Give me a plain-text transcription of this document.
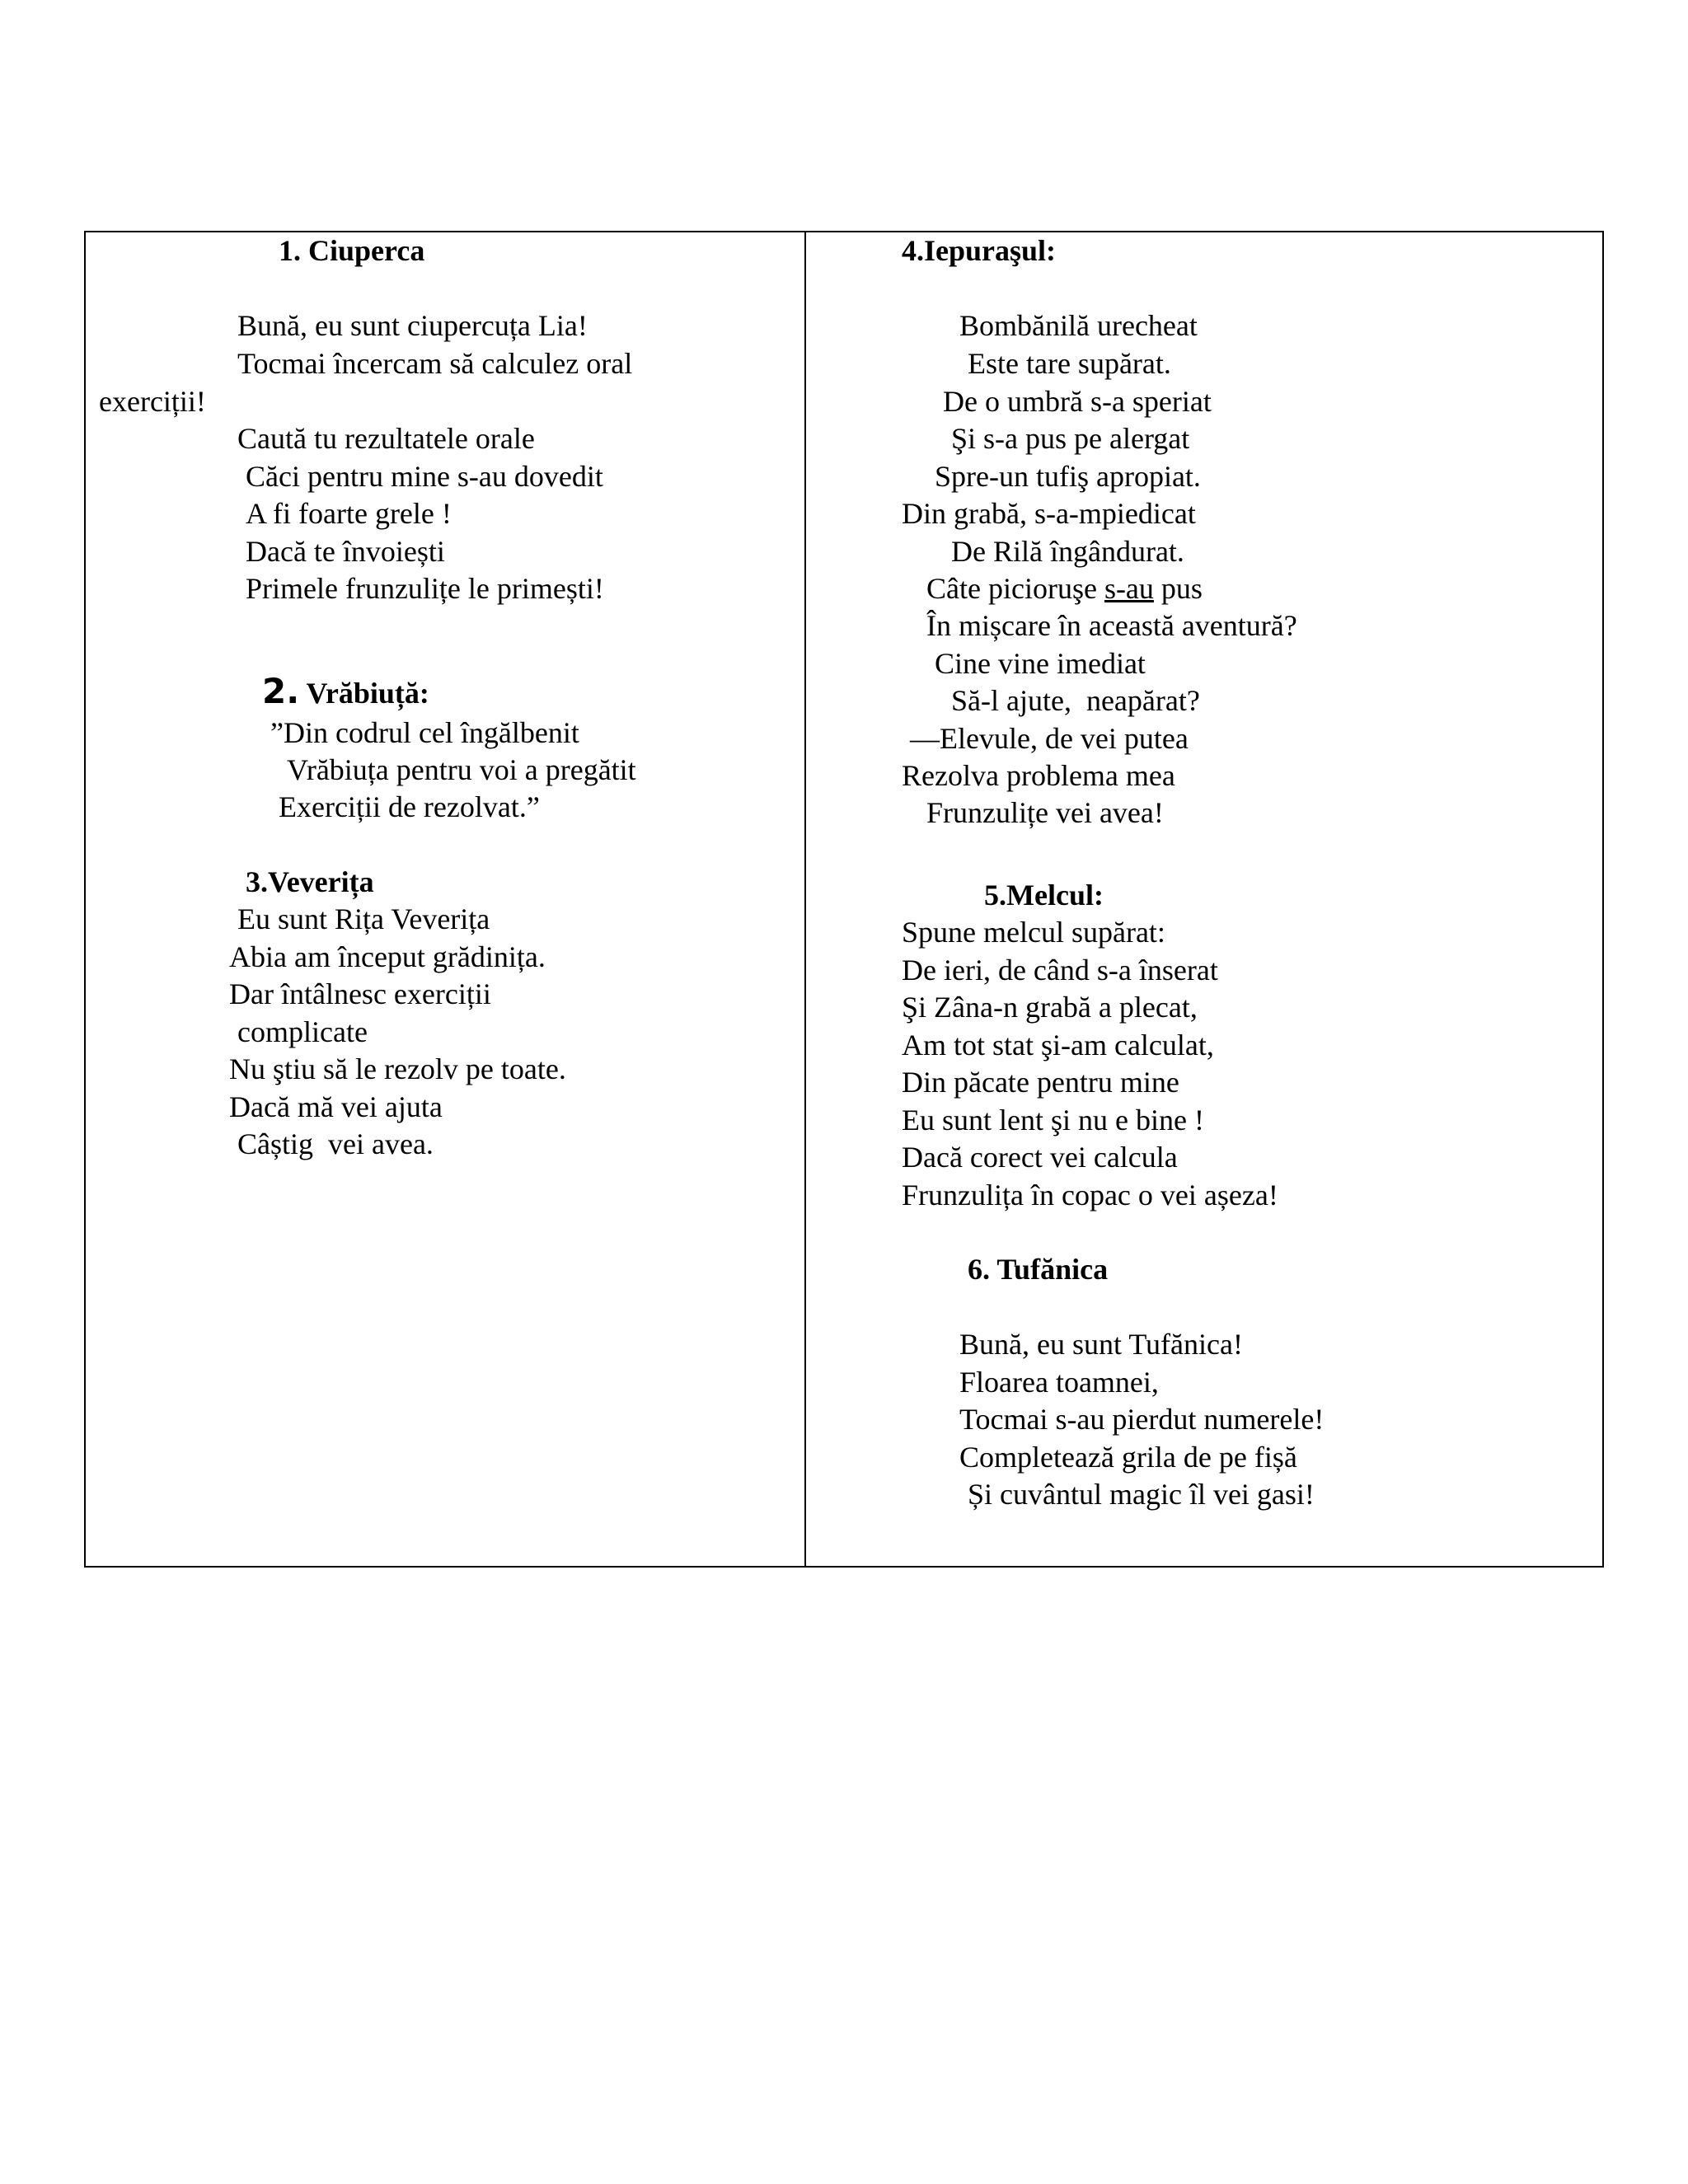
1. Ciuperca
Bună, eu sunt ciupercuța Lia!
Tocmai încercam să calculez oral
exerciții!
Caută tu rezultatele orale
Căci pentru mine s-au dovedit
A fi foarte grele !
Dacă te învoiești
Primele frunzulițe le primești!
2. Vrăbiuță:
”Din codrul cel îngălbenit
Vrăbiuța pentru voi a pregătit
Exerciții de rezolvat.”
3.Veverița
Eu sunt Rița Veverița
Abia am început grădinița.
Dar întâlnesc exerciții
complicate
Nu ştiu să le rezolv pe toate.
Dacă mă vei ajuta
Câștig  vei avea.
4.Iepuraşul:
Bombănilă urecheat
Este tare supărat.
De o umbră s-a speriat
Şi s-a pus pe alergat
Spre-un tufiş apropiat.
Din grabă, s-a-mpiedicat
De Rilă îngândurat.
Câte picioruşe s-au pus
În mișcare în această aventură?
Cine vine imediat
Să-l ajute,  neapărat?
—Elevule, de vei putea
Rezolva problema mea
Frunzulițe vei avea!
5.Melcul:
Spune melcul supărat:
De ieri, de când s-a înserat
Şi Zâna-n grabă a plecat,
Am tot stat şi-am calculat,
Din păcate pentru mine
Eu sunt lent şi nu e bine !
Dacă corect vei calcula
Frunzulița în copac o vei așeza!
6. Tufănica
Bună, eu sunt Tufănica!
Floarea toamnei,
Tocmai s-au pierdut numerele!
Completează grila de pe fișă
Și cuvântul magic îl vei gasi!
